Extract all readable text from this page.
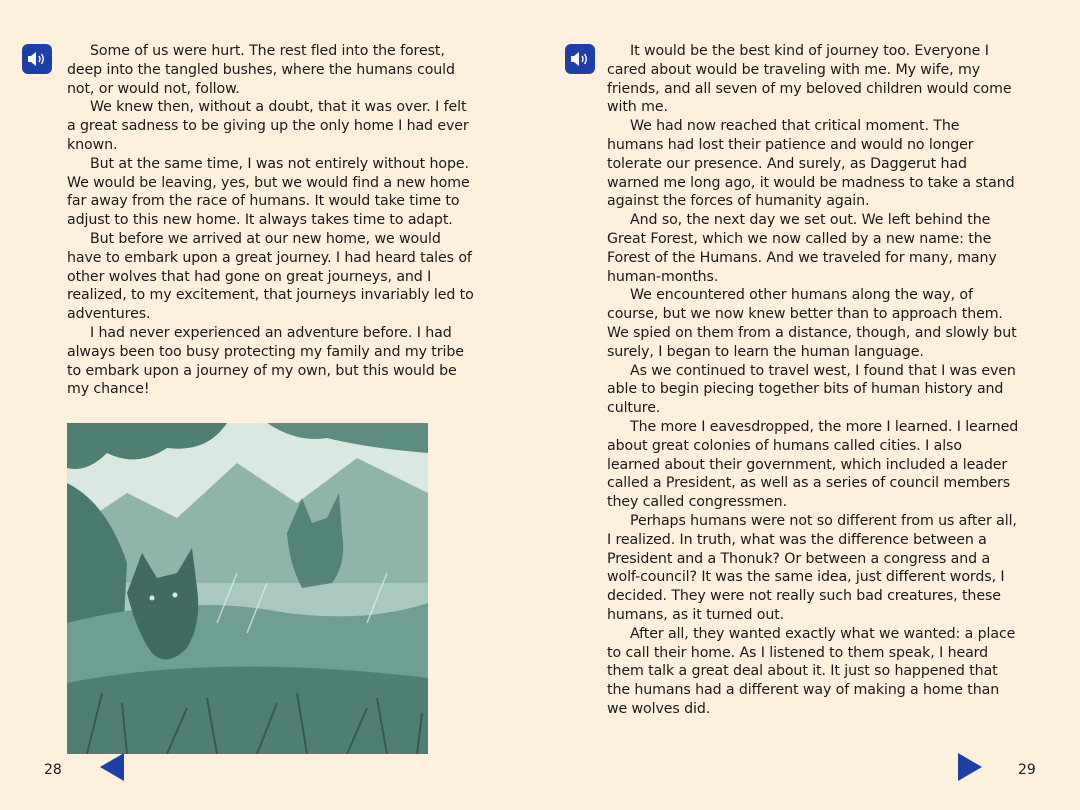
Some of us were hurt. The rest fled into the forest, deep into the tangled bushes, where the humans could not, or would not, follow.

We knew then, without a doubt, that it was over. I felt a great sadness to be giving up the only home I had ever known.

But at the same time, I was not entirely without hope. We would be leaving, yes, but we would find a new home far away from the race of humans. It would take time to adjust to this new home. It always takes time to adapt.

But before we arrived at our new home, we would have to embark upon a great journey. I had heard tales of other wolves that had gone on great journeys, and I realized, to my excitement, that journeys invariably led to adventures.

I had never experienced an adventure before. I had always been too busy protecting my family and my tribe to embark upon a journey of my own, but this would be my chance!

28

It would be the best kind of journey too. Everyone I cared about would be traveling with me. My wife, my friends, and all seven of my beloved children would come with me.

We had now reached that critical moment. The humans had lost their patience and would no longer tolerate our presence. And surely, as Daggerut had warned me long ago, it would be madness to take a stand against the forces of humanity again.

And so, the next day we set out. We left behind the Great Forest, which we now called by a new name: the Forest of the Humans. And we traveled for many, many human-months.

We encountered other humans along the way, of course, but we now knew better than to approach them. We spied on them from a distance, though, and slowly but surely, I began to learn the human language.

As we continued to travel west, I found that I was even able to begin piecing together bits of human history and culture.

The more I eavesdropped, the more I learned. I learned about great colonies of humans called cities. I also learned about their government, which included a leader called a President, as well as a series of council members they called congressmen.

Perhaps humans were not so different from us after all, I realized. In truth, what was the difference between a President and a Thonuk? Or between a congress and a wolf-council? It was the same idea, just different words, I decided. They were not really such bad creatures, these humans, as it turned out.

After all, they wanted exactly what we wanted: a place to call their home. As I listened to them speak, I heard them talk a great deal about it. It just so happened that the humans had a different way of making a home than we wolves did.

29
